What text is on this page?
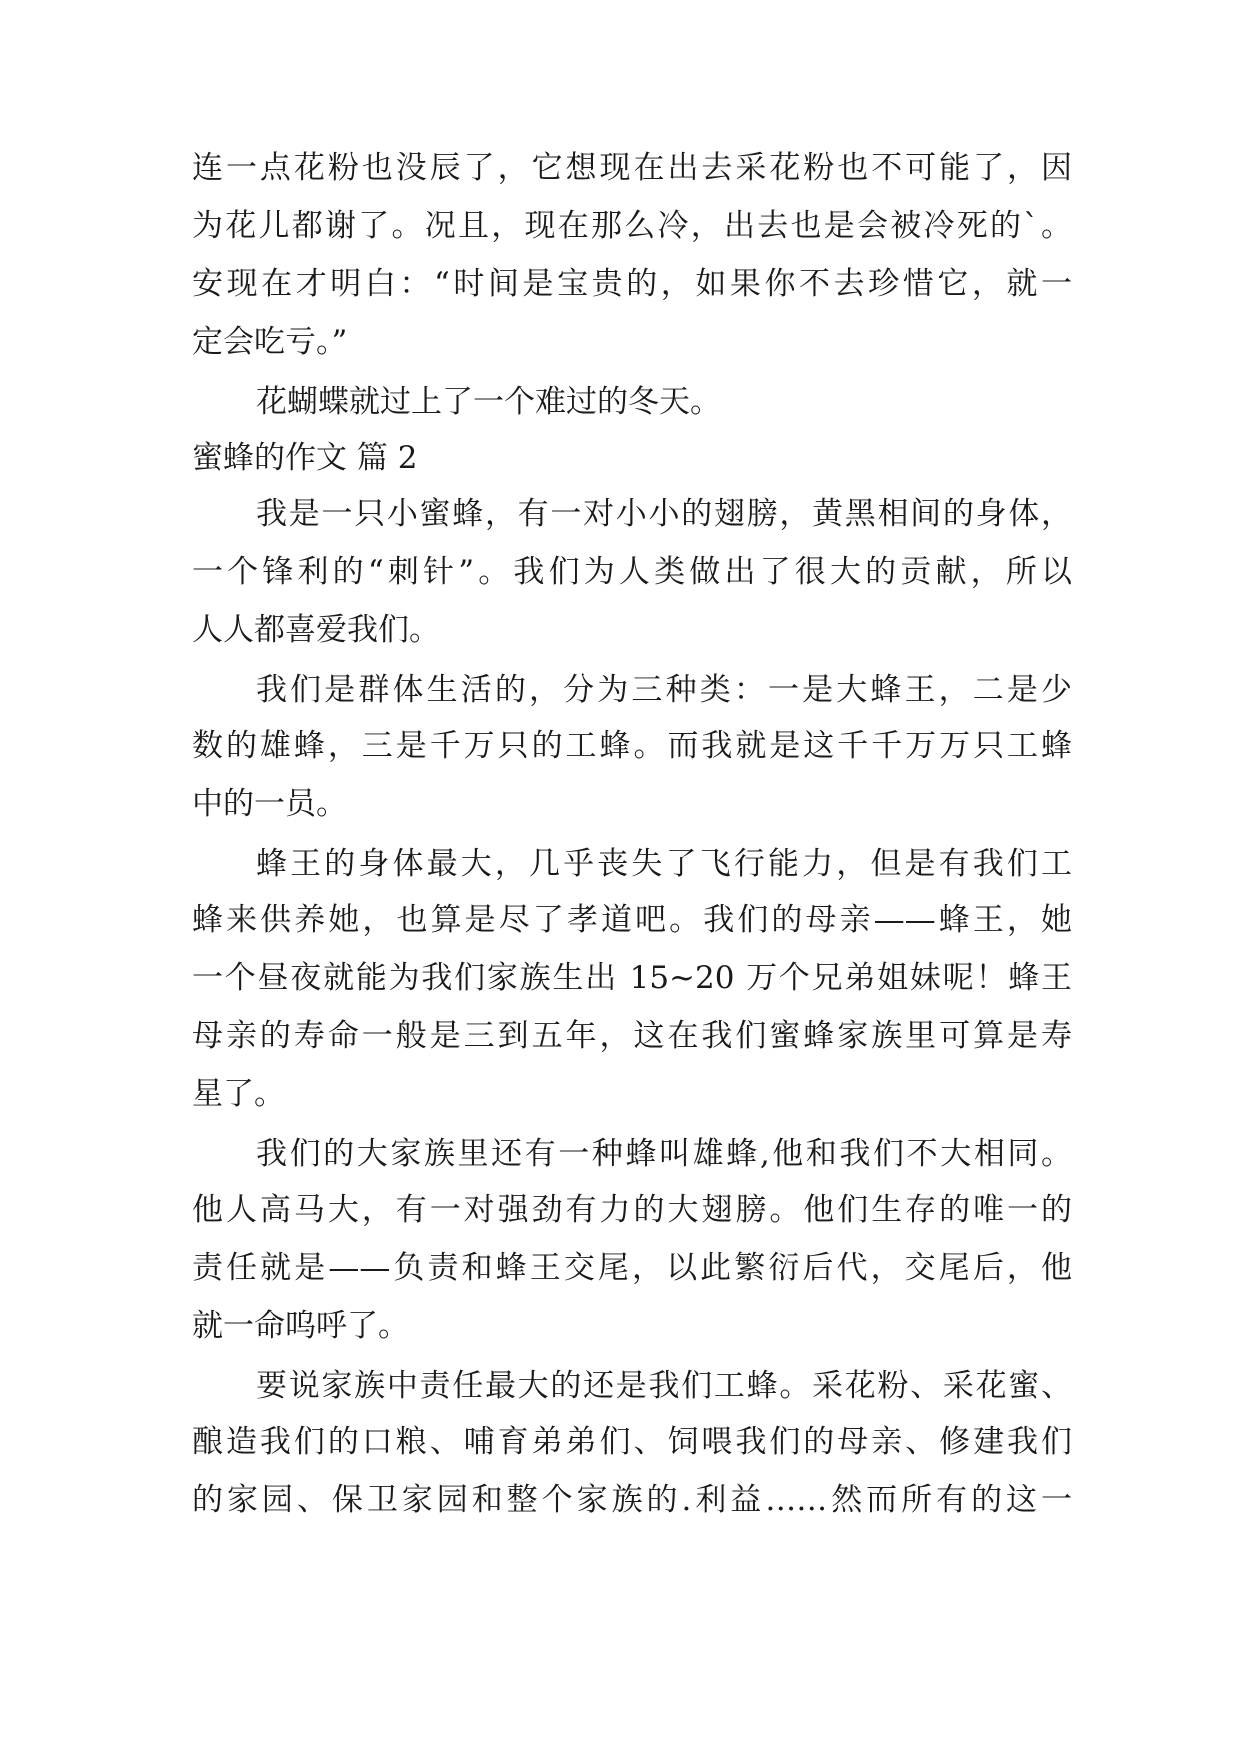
连一点花粉也没辰了，它想现在出去采花粉也不可能了，因
为花儿都谢了。况且，现在那么冷，出去也是会被冷死的`。
安现在才明白：“时间是宝贵的，如果你不去珍惜它，就一
定会吃亏。”
花蝴蝶就过上了一个难过的冬天。
蜜蜂的作文 篇 2
我是一只小蜜蜂，有一对小小的翅膀，黄黑相间的身体，
一个锋利的“刺针”。我们为人类做出了很大的贡献，所以
人人都喜爱我们。
我们是群体生活的，分为三种类：一是大蜂王，二是少
数的雄蜂，三是千万只的工蜂。而我就是这千千万万只工蜂
中的一员。
蜂王的身体最大，几乎丧失了飞行能力，但是有我们工
蜂来供养她，也算是尽了孝道吧。我们的母亲——蜂王，她
一个昼夜就能为我们家族生出 15~20 万个兄弟姐妹呢！蜂王
母亲的寿命一般是三到五年，这在我们蜜蜂家族里可算是寿
星了。
我们的大家族里还有一种蜂叫雄蜂,他和我们不大相同。
他人高马大，有一对强劲有力的大翅膀。他们生存的唯一的
责任就是——负责和蜂王交尾，以此繁衍后代，交尾后，他
就一命呜呼了。
要说家族中责任最大的还是我们工蜂。采花粉、采花蜜、
酿造我们的口粮、哺育弟弟们、饲喂我们的母亲、修建我们
的家园、保卫家园和整个家族的.利益……然而所有的这一
